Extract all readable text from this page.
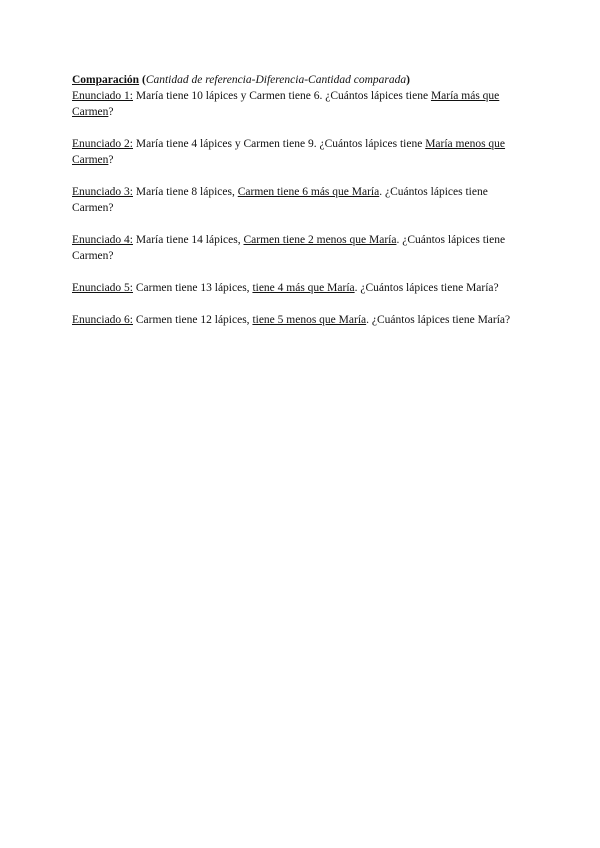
Comparación (Cantidad de referencia-Diferencia-Cantidad comparada)

Enunciado 1: María tiene 10 lápices y Carmen tiene 6. ¿Cuántos lápices tiene María más que Carmen?

Enunciado 2: María tiene 4 lápices y Carmen tiene 9. ¿Cuántos lápices tiene María menos que Carmen?

Enunciado 3: María tiene 8 lápices, Carmen tiene 6 más que María. ¿Cuántos lápices tiene Carmen?

Enunciado 4: María tiene 14 lápices, Carmen tiene 2 menos que María. ¿Cuántos lápices tiene Carmen?

Enunciado 5: Carmen tiene 13 lápices, tiene 4 más que María. ¿Cuántos lápices tiene María?

Enunciado 6: Carmen tiene 12 lápices, tiene 5 menos que María. ¿Cuántos lápices tiene María?
